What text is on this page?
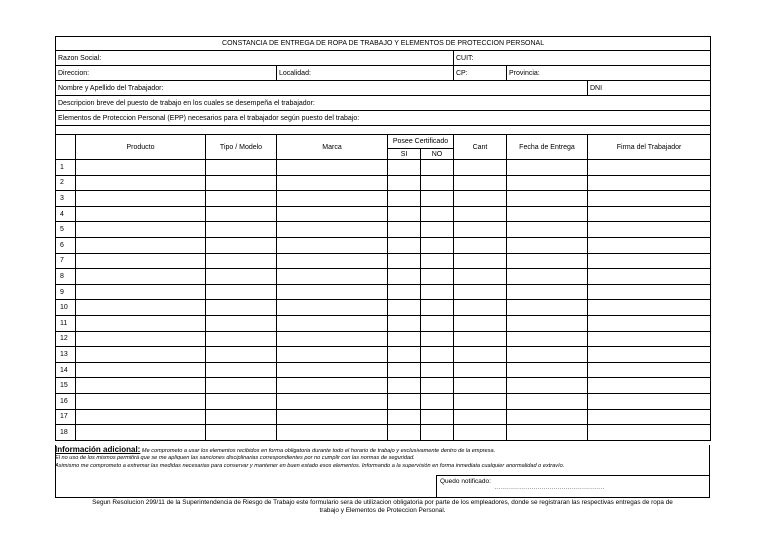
CONSTANCIA DE ENTREGA DE ROPA DE TRABAJO Y ELEMENTOS DE PROTECCION PERSONAL								
Razon Social:						CUIT:		
Direccion:			Localidad:			CP:	Provincia:	
Nombre y Apellido del Trabajador:								DNI
Descripcion breve del puesto de trabajo en los cuales se desempeña el trabajador:								
Elementos de Proteccion Personal (EPP) necesarios para el trabajador según puesto del trabajo:								

	Producto	Tipo / Modelo	Marca	Posee Certificado		Cant	Fecha de Entrega	Firma del Trabajador
				SI	NO			
1								
2								
3								
4								
5								
6								
7								
8								
9								
10								
11								
12								
13								
14								
15								
16								
17								
18								
Información adicional: Me comprometo a usar los elementos recibidos en forma obligatoria durante todo el horario de trabajo y exclusivamente dentro de la empresa.
El no uso de los mismos permitirá que se me apliquen las sanciones disciplinarias correspondientes por no cumplir con las normas de seguridad.
Asimismo me comprometo a extremar las medidas necesarias para conservar y mantener en buen estado esos elementos. Informando a la supervisión en forma inmediata cualquier anormalidad o extravío.
Quedo notificado:
......................................................
Segun Resolucion 299/11 de la Superintendencia de Riesgo de Trabajo este formulario sera de utilizacion obligatoria por parte de los empleadores, donde se registraran las respectivas entregas de ropa de
trabajo y Elementos de Proteccion Personal.
